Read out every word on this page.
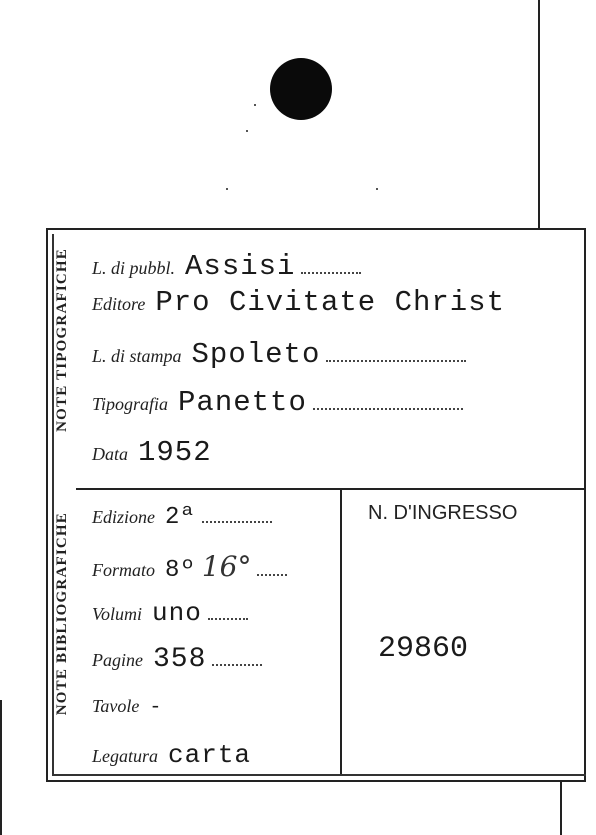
NOTE TIPOGRAFICHE
NOTE BIBLIOGRAFICHE
L. di pubbl. Assisi
Editore Pro Civitate Christ
L. di stampa Spoleto
Tipografia Panetto
Data 1952
Edizione 2ª
Formato 8º 16°
Volumi uno
Pagine 358
Tavole -
Legatura carta
N. D'INGRESSO
29860
